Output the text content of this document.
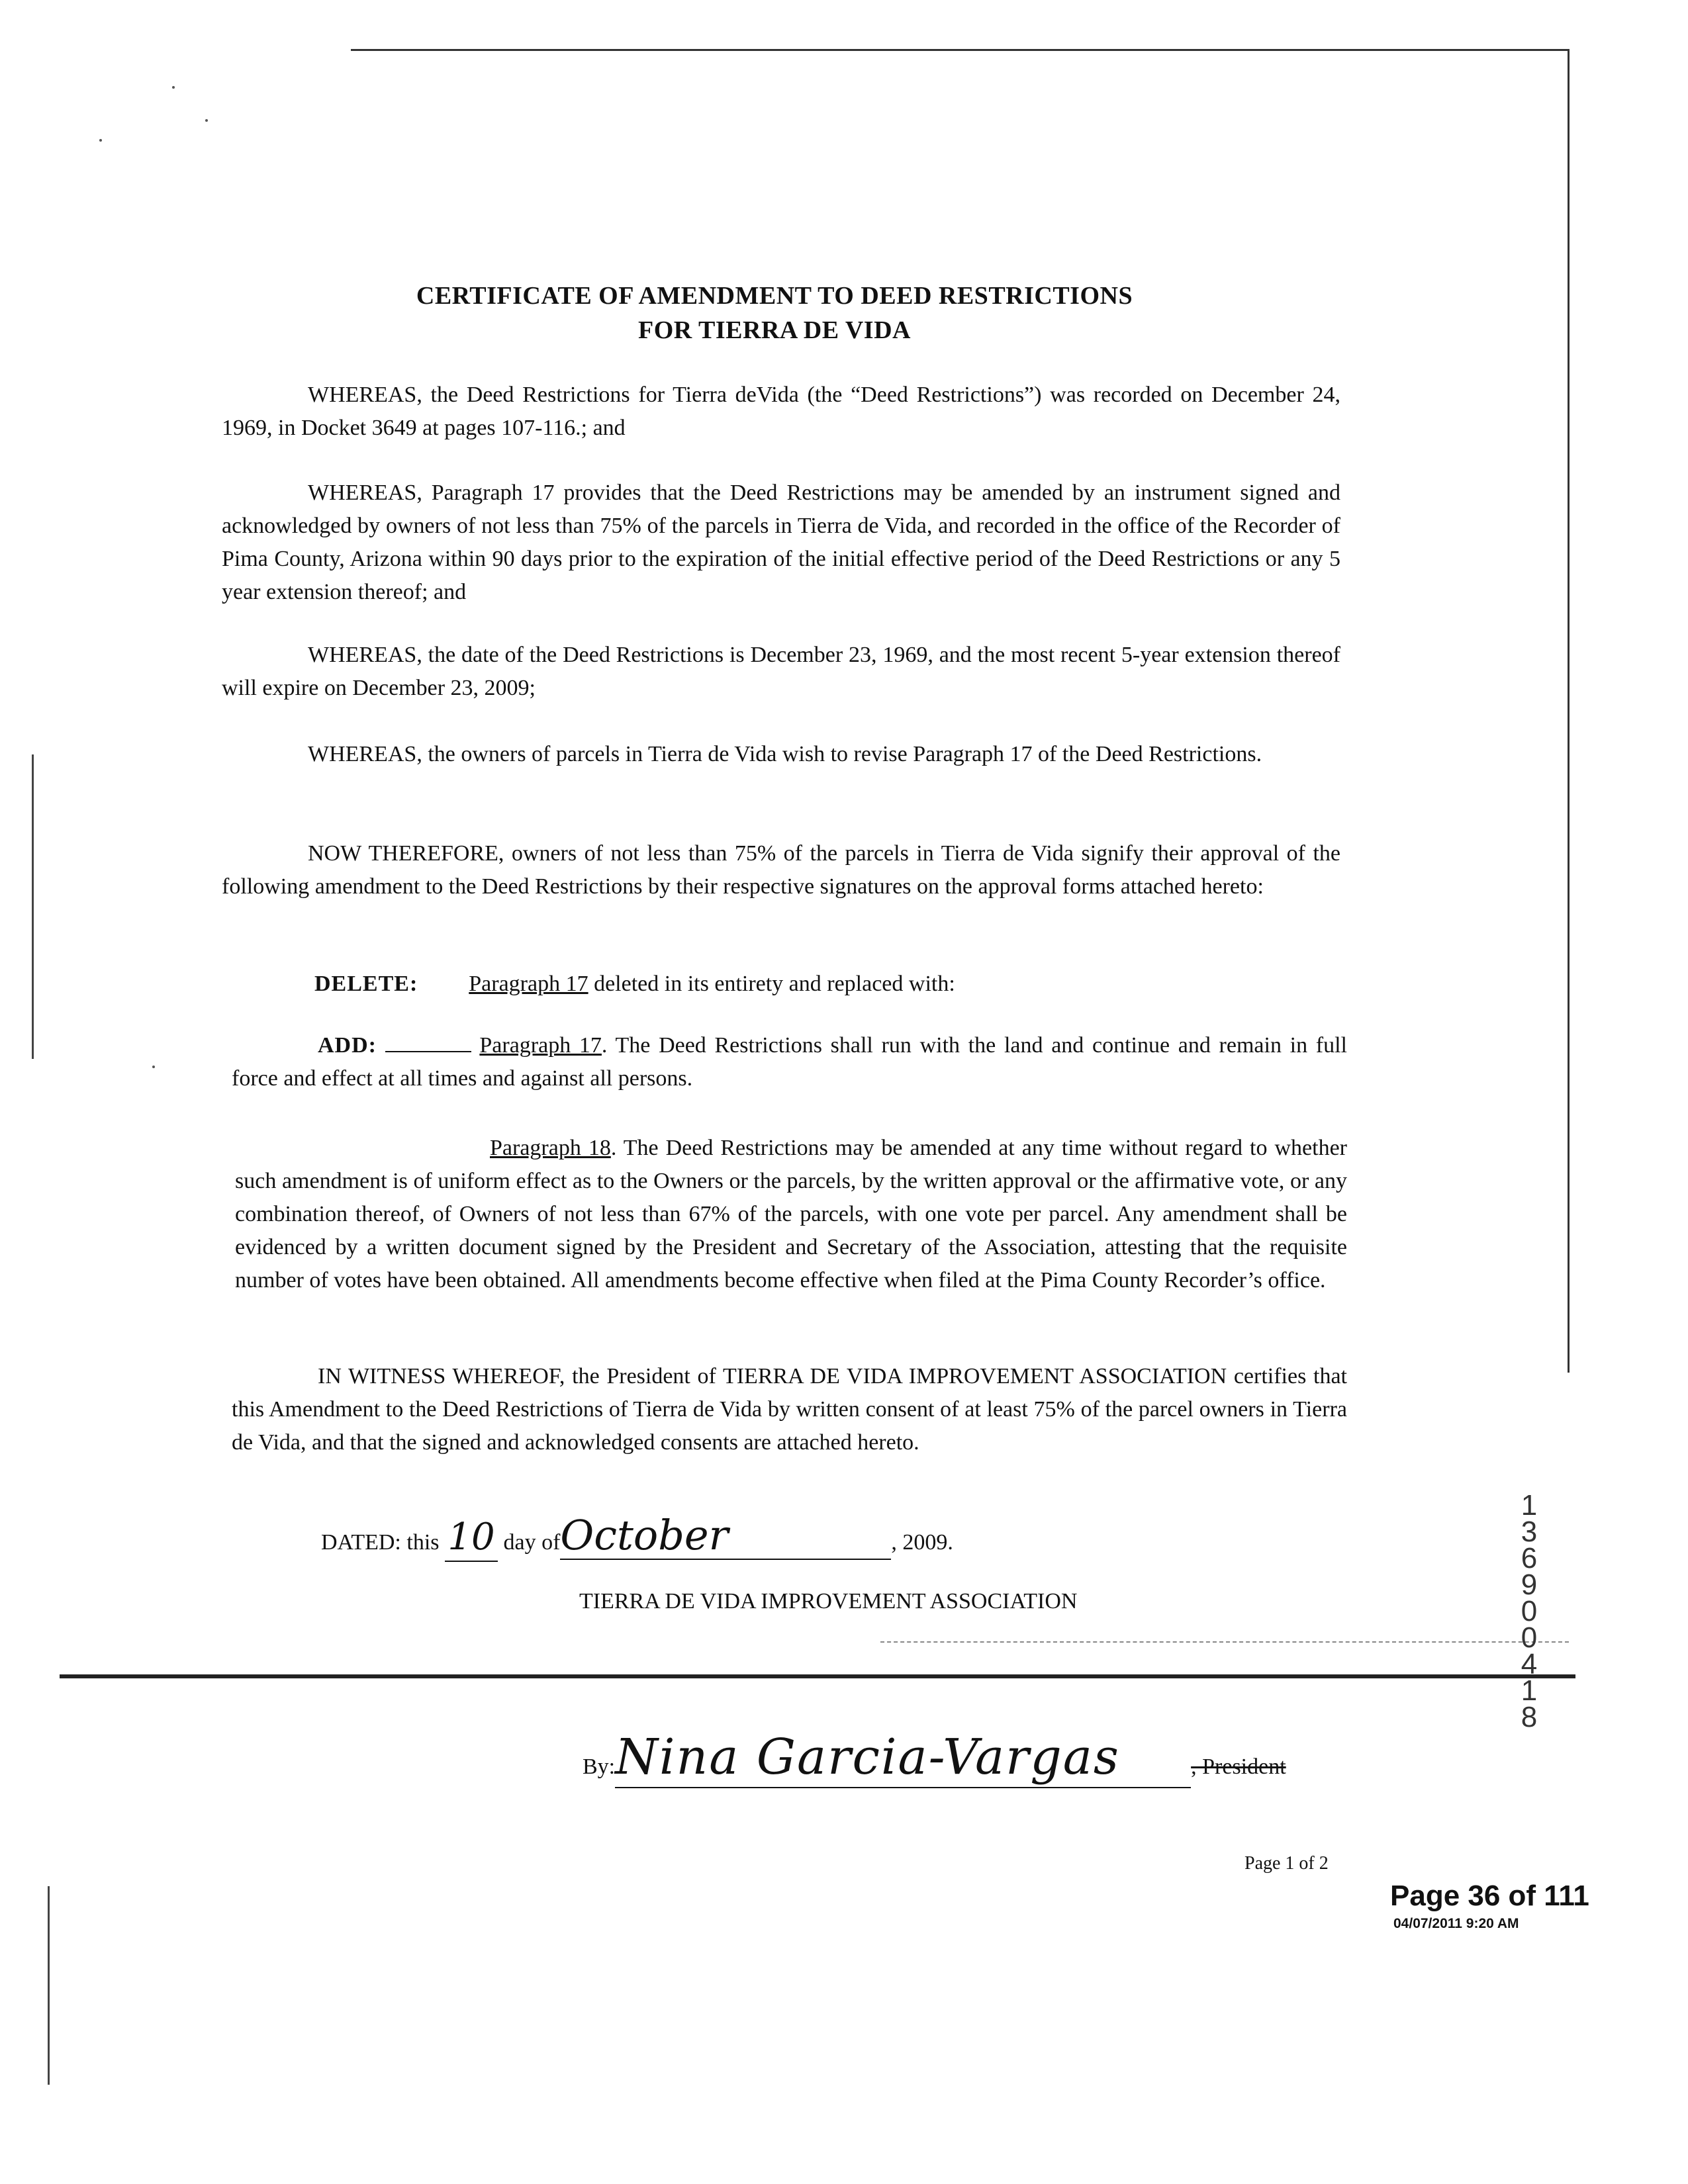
CERTIFICATE OF AMENDMENT TO DEED RESTRICTIONS
FOR TIERRA DE VIDA

WHEREAS, the Deed Restrictions for Tierra deVida (the “Deed Restrictions”) was recorded on December 24, 1969, in Docket 3649 at pages 107-116.; and

WHEREAS, Paragraph 17 provides that the Deed Restrictions may be amended by an instrument signed and acknowledged by owners of not less than 75% of the parcels in Tierra de Vida, and recorded in the office of the Recorder of Pima County, Arizona within 90 days prior to the expiration of the initial effective period of the Deed Restrictions or any 5 year extension thereof; and

WHEREAS, the date of the Deed Restrictions is December 23, 1969, and the most recent 5-year extension thereof will expire on December 23, 2009;

WHEREAS, the owners of parcels in Tierra de Vida wish to revise Paragraph 17 of the Deed Restrictions.

NOW THEREFORE, owners of not less than 75% of the parcels in Tierra de Vida signify their approval of the following amendment to the Deed Restrictions by their respective signatures on the approval forms attached hereto:

DELETE: Paragraph 17 deleted in its entirety and replaced with:

ADD:	Paragraph 17. The Deed Restrictions shall run with the land and continue and remain in full force and effect at all times and against all persons.

Paragraph 18. The Deed Restrictions may be amended at any time without regard to whether such amendment is of uniform effect as to the Owners or the parcels, by the written approval or the affirmative vote, or any combination thereof, of Owners of not less than 67% of the parcels, with one vote per parcel. Any amendment shall be evidenced by a written document signed by the President and Secretary of the Association, attesting that the requisite number of votes have been obtained. All amendments become effective when filed at the Pima County Recorder’s office.

IN WITNESS WHEREOF, the President of TIERRA DE VIDA IMPROVEMENT ASSOCIATION certifies that this Amendment to the Deed Restrictions of Tierra de Vida by written consent of at least 75% of the parcel owners in Tierra de Vida, and that the signed and acknowledged consents are attached hereto.

DATED: this 10 day ofOctober	, 2009.
TIERRA DE VIDA IMPROVEMENT ASSOCIATION
By:Nina Garcia-Vargas	, President
1
3
6
9
0
0
4
1
8
Page 1 of 2
Page 36 of 111
04/07/2011 9:20 AM
